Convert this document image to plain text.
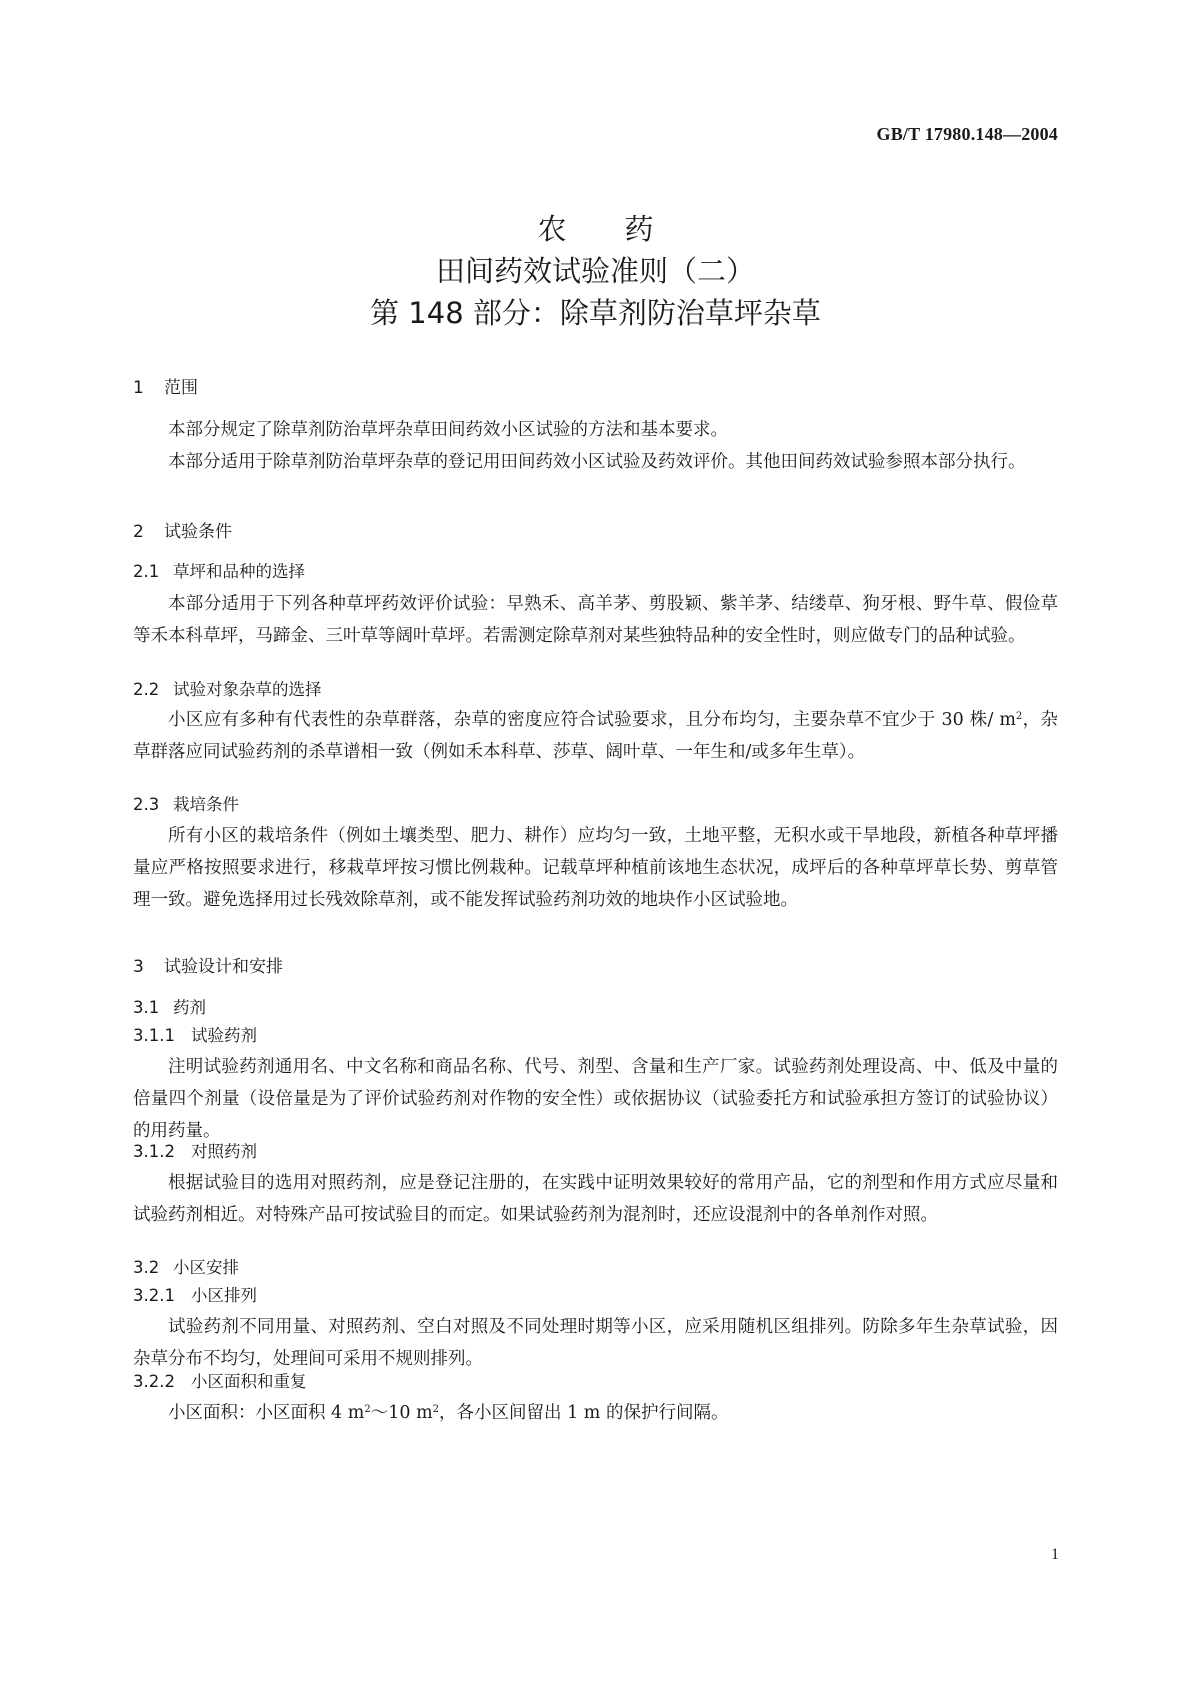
GB/T 17980.148—2004
农　　药
田间药效试验准则（二）
第 148 部分：除草剂防治草坪杂草
1 范围

本部分规定了除草剂防治草坪杂草田间药效小区试验的方法和基本要求。

本部分适用于除草剂防治草坪杂草的登记用田间药效小区试验及药效评价。其他田间药效试验参照本部分执行。

2 试验条件
2.1 草坪和品种的选择

本部分适用于下列各种草坪药效评价试验：早熟禾、高羊茅、剪股颖、紫羊茅、结缕草、狗牙根、野牛草、假俭草等禾本科草坪，马蹄金、三叶草等阔叶草坪。若需测定除草剂对某些独特品种的安全性时，则应做专门的品种试验。

2.2 试验对象杂草的选择

小区应有多种有代表性的杂草群落，杂草的密度应符合试验要求，且分布均匀，主要杂草不宜少于 30 株/ $m^2$，杂草群落应同试验药剂的杀草谱相一致（例如禾本科草、莎草、阔叶草、一年生和/或多年生草）。

2.3 栽培条件

所有小区的栽培条件（例如土壤类型、肥力、耕作）应均匀一致，土地平整，无积水或干旱地段，新植各种草坪播量应严格按照要求进行，移栽草坪按习惯比例栽种。记载草坪种植前该地生态状况，成坪后的各种草坪草长势、剪草管理一致。避免选择用过长残效除草剂，或不能发挥试验药剂功效的地块作小区试验地。

3 试验设计和安排
3.1 药剂
3.1.1 试验药剂

注明试验药剂通用名、中文名称和商品名称、代号、剂型、含量和生产厂家。试验药剂处理设高、中、低及中量的倍量四个剂量（设倍量是为了评价试验药剂对作物的安全性）或依据协议（试验委托方和试验承担方签订的试验协议）的用药量。

3.1.2 对照药剂

根据试验目的选用对照药剂，应是登记注册的，在实践中证明效果较好的常用产品，它的剂型和作用方式应尽量和试验药剂相近。对特殊产品可按试验目的而定。如果试验药剂为混剂时，还应设混剂中的各单剂作对照。

3.2 小区安排
3.2.1 小区排列

试验药剂不同用量、对照药剂、空白对照及不同处理时期等小区，应采用随机区组排列。防除多年生杂草试验，因杂草分布不均匀，处理间可采用不规则排列。

3.2.2 小区面积和重复

小区面积：小区面积 4 $m^2\sim 10$ $m^2$，各小区间留出 1 m 的保护行间隔。

1
